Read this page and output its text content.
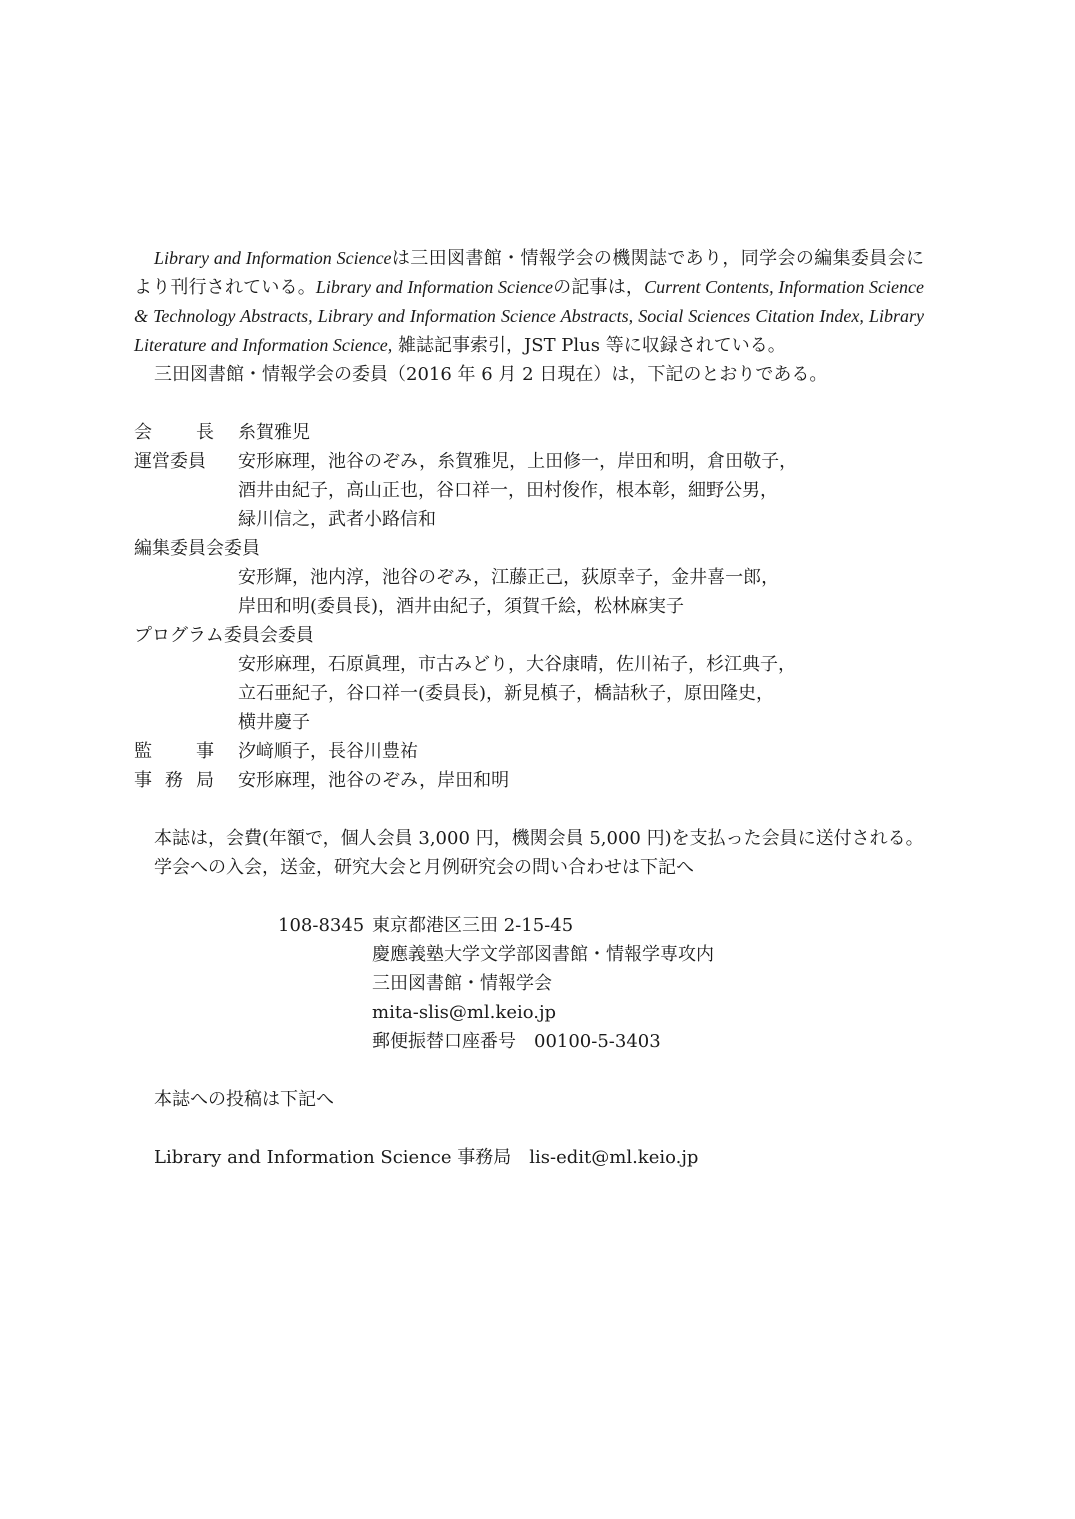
Library and Information Scienceは三田図書館・情報学会の機関誌であり，同学会の編集委員会により刊行されている。Library and Information Scienceの記事は，Current Contents, Information Science & Technology Abstracts, Library and Information Science Abstracts, Social Sciences Citation Index, Library Literature and Information Science, 雑誌記事索引，JST Plus 等に収録されている。

三田図書館・情報学会の委員（2016 年 6 月 2 日現在）は，下記のとおりである。

会 長 糸賀雅児
運営委員	安形麻理，池谷のぞみ，糸賀雅児，上田修一，岸田和明，倉田敬子，
酒井由紀子，高山正也，谷口祥一，田村俊作，根本彰，細野公男，
緑川信之，武者小路信和
編集委員会委員
安形輝，池内淳，池谷のぞみ，江藤正己，荻原幸子，金井喜一郎，
岸田和明(委員長)，酒井由紀子，須賀千絵，松林麻実子
プログラム委員会委員
安形麻理，石原眞理，市古みどり，大谷康晴，佐川祐子，杉江典子，
立石亜紀子，谷口祥一(委員長)，新見槙子，橋詰秋子，原田隆史，
横井慶子
監 事 汐﨑順子，長谷川豊祐
事 務 局 安形麻理，池谷のぞみ，岸田和明

本誌は，会費(年額で，個人会員 3,000 円，機関会員 5,000 円)を支払った会員に送付される。

学会への入会，送金，研究大会と月例研究会の問い合わせは下記へ

108-8345 東京都港区三田 2-15-45
慶應義塾大学文学部図書館・情報学専攻内
三田図書館・情報学会
mita-slis@ml.keio.jp
郵便振替口座番号　00100-5-3403

本誌への投稿は下記へ

Library and Information Science 事務局　lis-edit@ml.keio.jp
